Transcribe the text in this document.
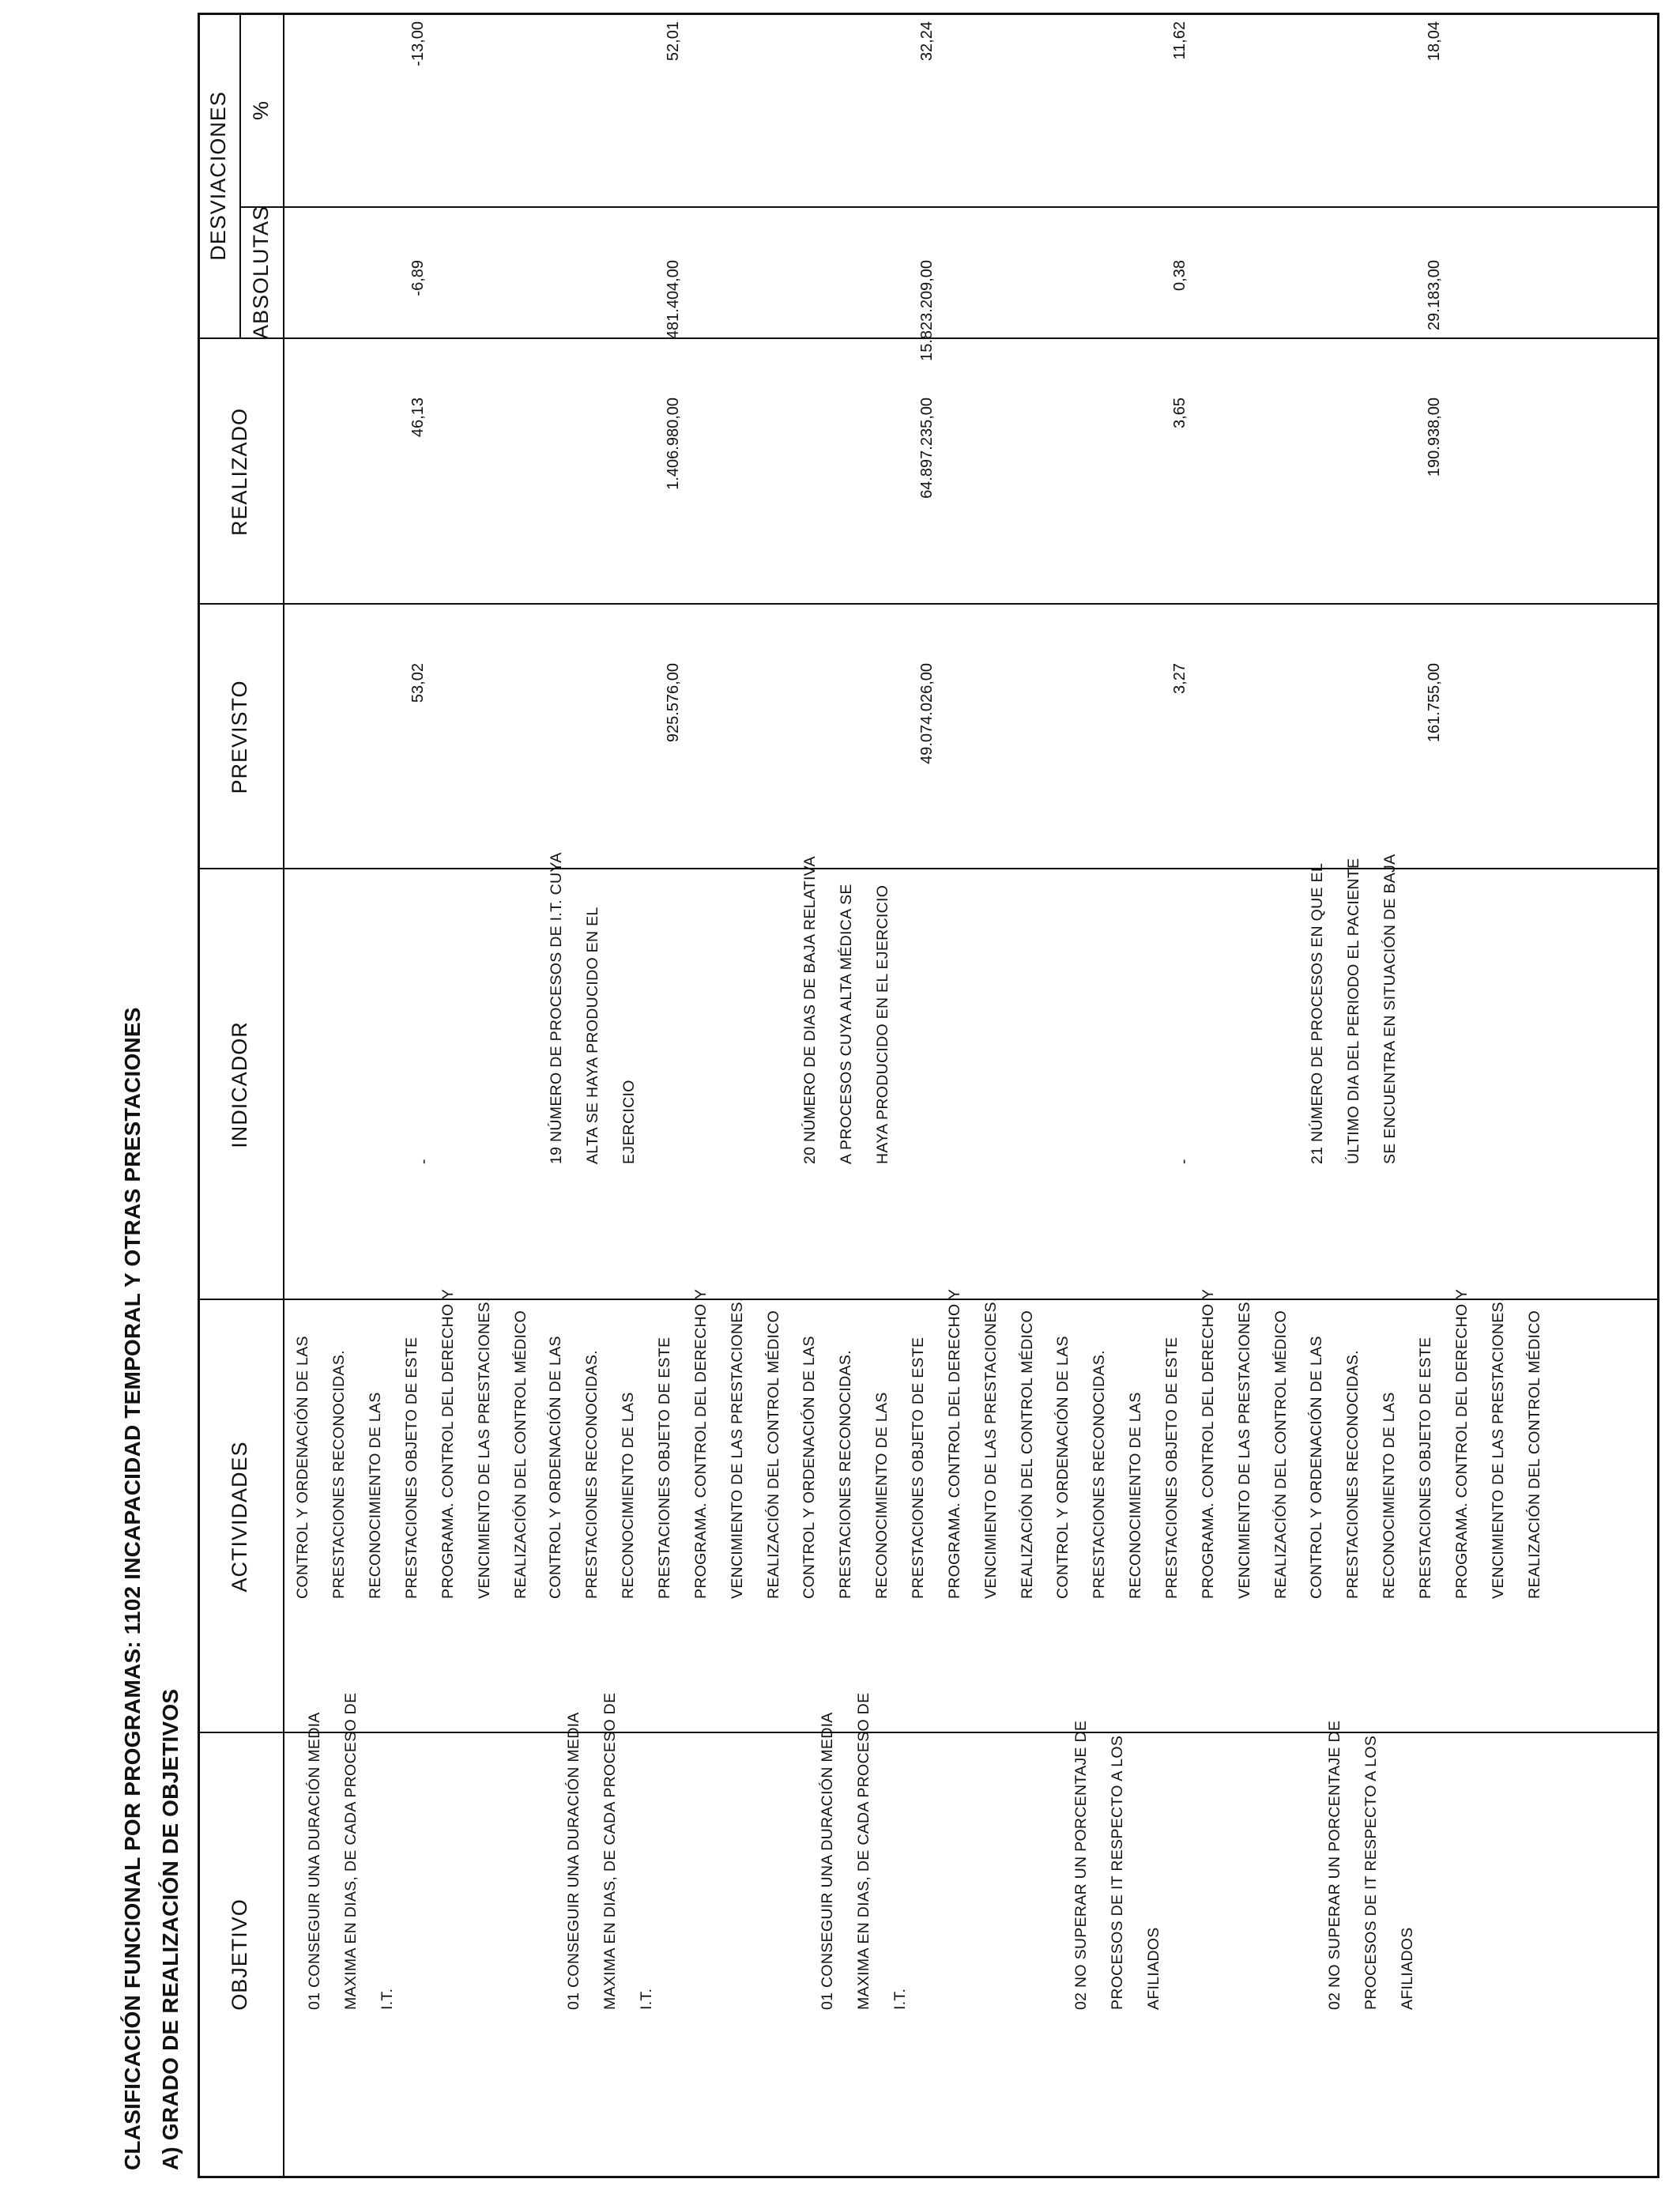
CLASIFICACIÓN FUNCIONAL POR PROGRAMAS: 1102 INCAPACIDAD TEMPORAL Y OTRAS PRESTACIONES A) GRADO DE REALIZACIÓN DE OBJETIVOS OBJETIVO
ACTIVIDADES
INDICADOR
PREVISTO
REALIZADO
DESVIACIONES
ABSOLUTAS
%
01 CONSEGUIR UNA DURACIÓN MEDIA
MAXIMA EN DIAS, DE CADA PROCESO DE
I.T.
CONTROL Y ORDENACIÓN DE LAS
PRESTACIONES RECONOCIDAS.
RECONOCIMIENTO DE LAS
PRESTACIONES OBJETO DE ESTE
PROGRAMA. CONTROL DEL DERECHO Y
VENCIMIENTO DE LAS PRESTACIONES.
REALIZACIÓN DEL CONTROL MÉDICO
-
53,02
46,13
-6,89
-13,00
01 CONSEGUIR UNA DURACIÓN MEDIA
MAXIMA EN DIAS, DE CADA PROCESO DE
I.T.
CONTROL Y ORDENACIÓN DE LAS
PRESTACIONES RECONOCIDAS.
RECONOCIMIENTO DE LAS
PRESTACIONES OBJETO DE ESTE
PROGRAMA. CONTROL DEL DERECHO Y
VENCIMIENTO DE LAS PRESTACIONES.
REALIZACIÓN DEL CONTROL MÉDICO
19 NÚMERO DE PROCESOS DE I.T. CUYA
ALTA SE HAYA PRODUCIDO EN EL
EJERCICIO
925.576,00
1.406.980,00
481.404,00
52,01
01 CONSEGUIR UNA DURACIÓN MEDIA
MAXIMA EN DIAS, DE CADA PROCESO DE
I.T.
CONTROL Y ORDENACIÓN DE LAS
PRESTACIONES RECONOCIDAS.
RECONOCIMIENTO DE LAS
PRESTACIONES OBJETO DE ESTE
PROGRAMA. CONTROL DEL DERECHO Y
VENCIMIENTO DE LAS PRESTACIONES.
REALIZACIÓN DEL CONTROL MÉDICO
20 NÚMERO DE DIAS DE BAJA RELATIVA
A PROCESOS CUYA ALTA MÉDICA SE
HAYA PRODUCIDO EN EL EJERCICIO
49.074.026,00
64.897.235,00
15.823.209,00
32,24
02 NO SUPERAR UN PORCENTAJE DE
PROCESOS DE IT RESPECTO A LOS
AFILIADOS
CONTROL Y ORDENACIÓN DE LAS
PRESTACIONES RECONOCIDAS.
RECONOCIMIENTO DE LAS
PRESTACIONES OBJETO DE ESTE
PROGRAMA. CONTROL DEL DERECHO Y
VENCIMIENTO DE LAS PRESTACIONES.
REALIZACIÓN DEL CONTROL MÉDICO
-
3,27
3,65
0,38
11,62
02 NO SUPERAR UN PORCENTAJE DE
PROCESOS DE IT RESPECTO A LOS
AFILIADOS
CONTROL Y ORDENACIÓN DE LAS
PRESTACIONES RECONOCIDAS.
RECONOCIMIENTO DE LAS
PRESTACIONES OBJETO DE ESTE
PROGRAMA. CONTROL DEL DERECHO Y
VENCIMIENTO DE LAS PRESTACIONES.
REALIZACIÓN DEL CONTROL MÉDICO
21 NÚMERO DE PROCESOS EN QUE EL
ÚLTIMO DIA DEL PERIODO EL PACIENTE
SE ENCUENTRA EN SITUACIÓN DE BAJA
161.755,00
190.938,00
29.183,00
18,04
